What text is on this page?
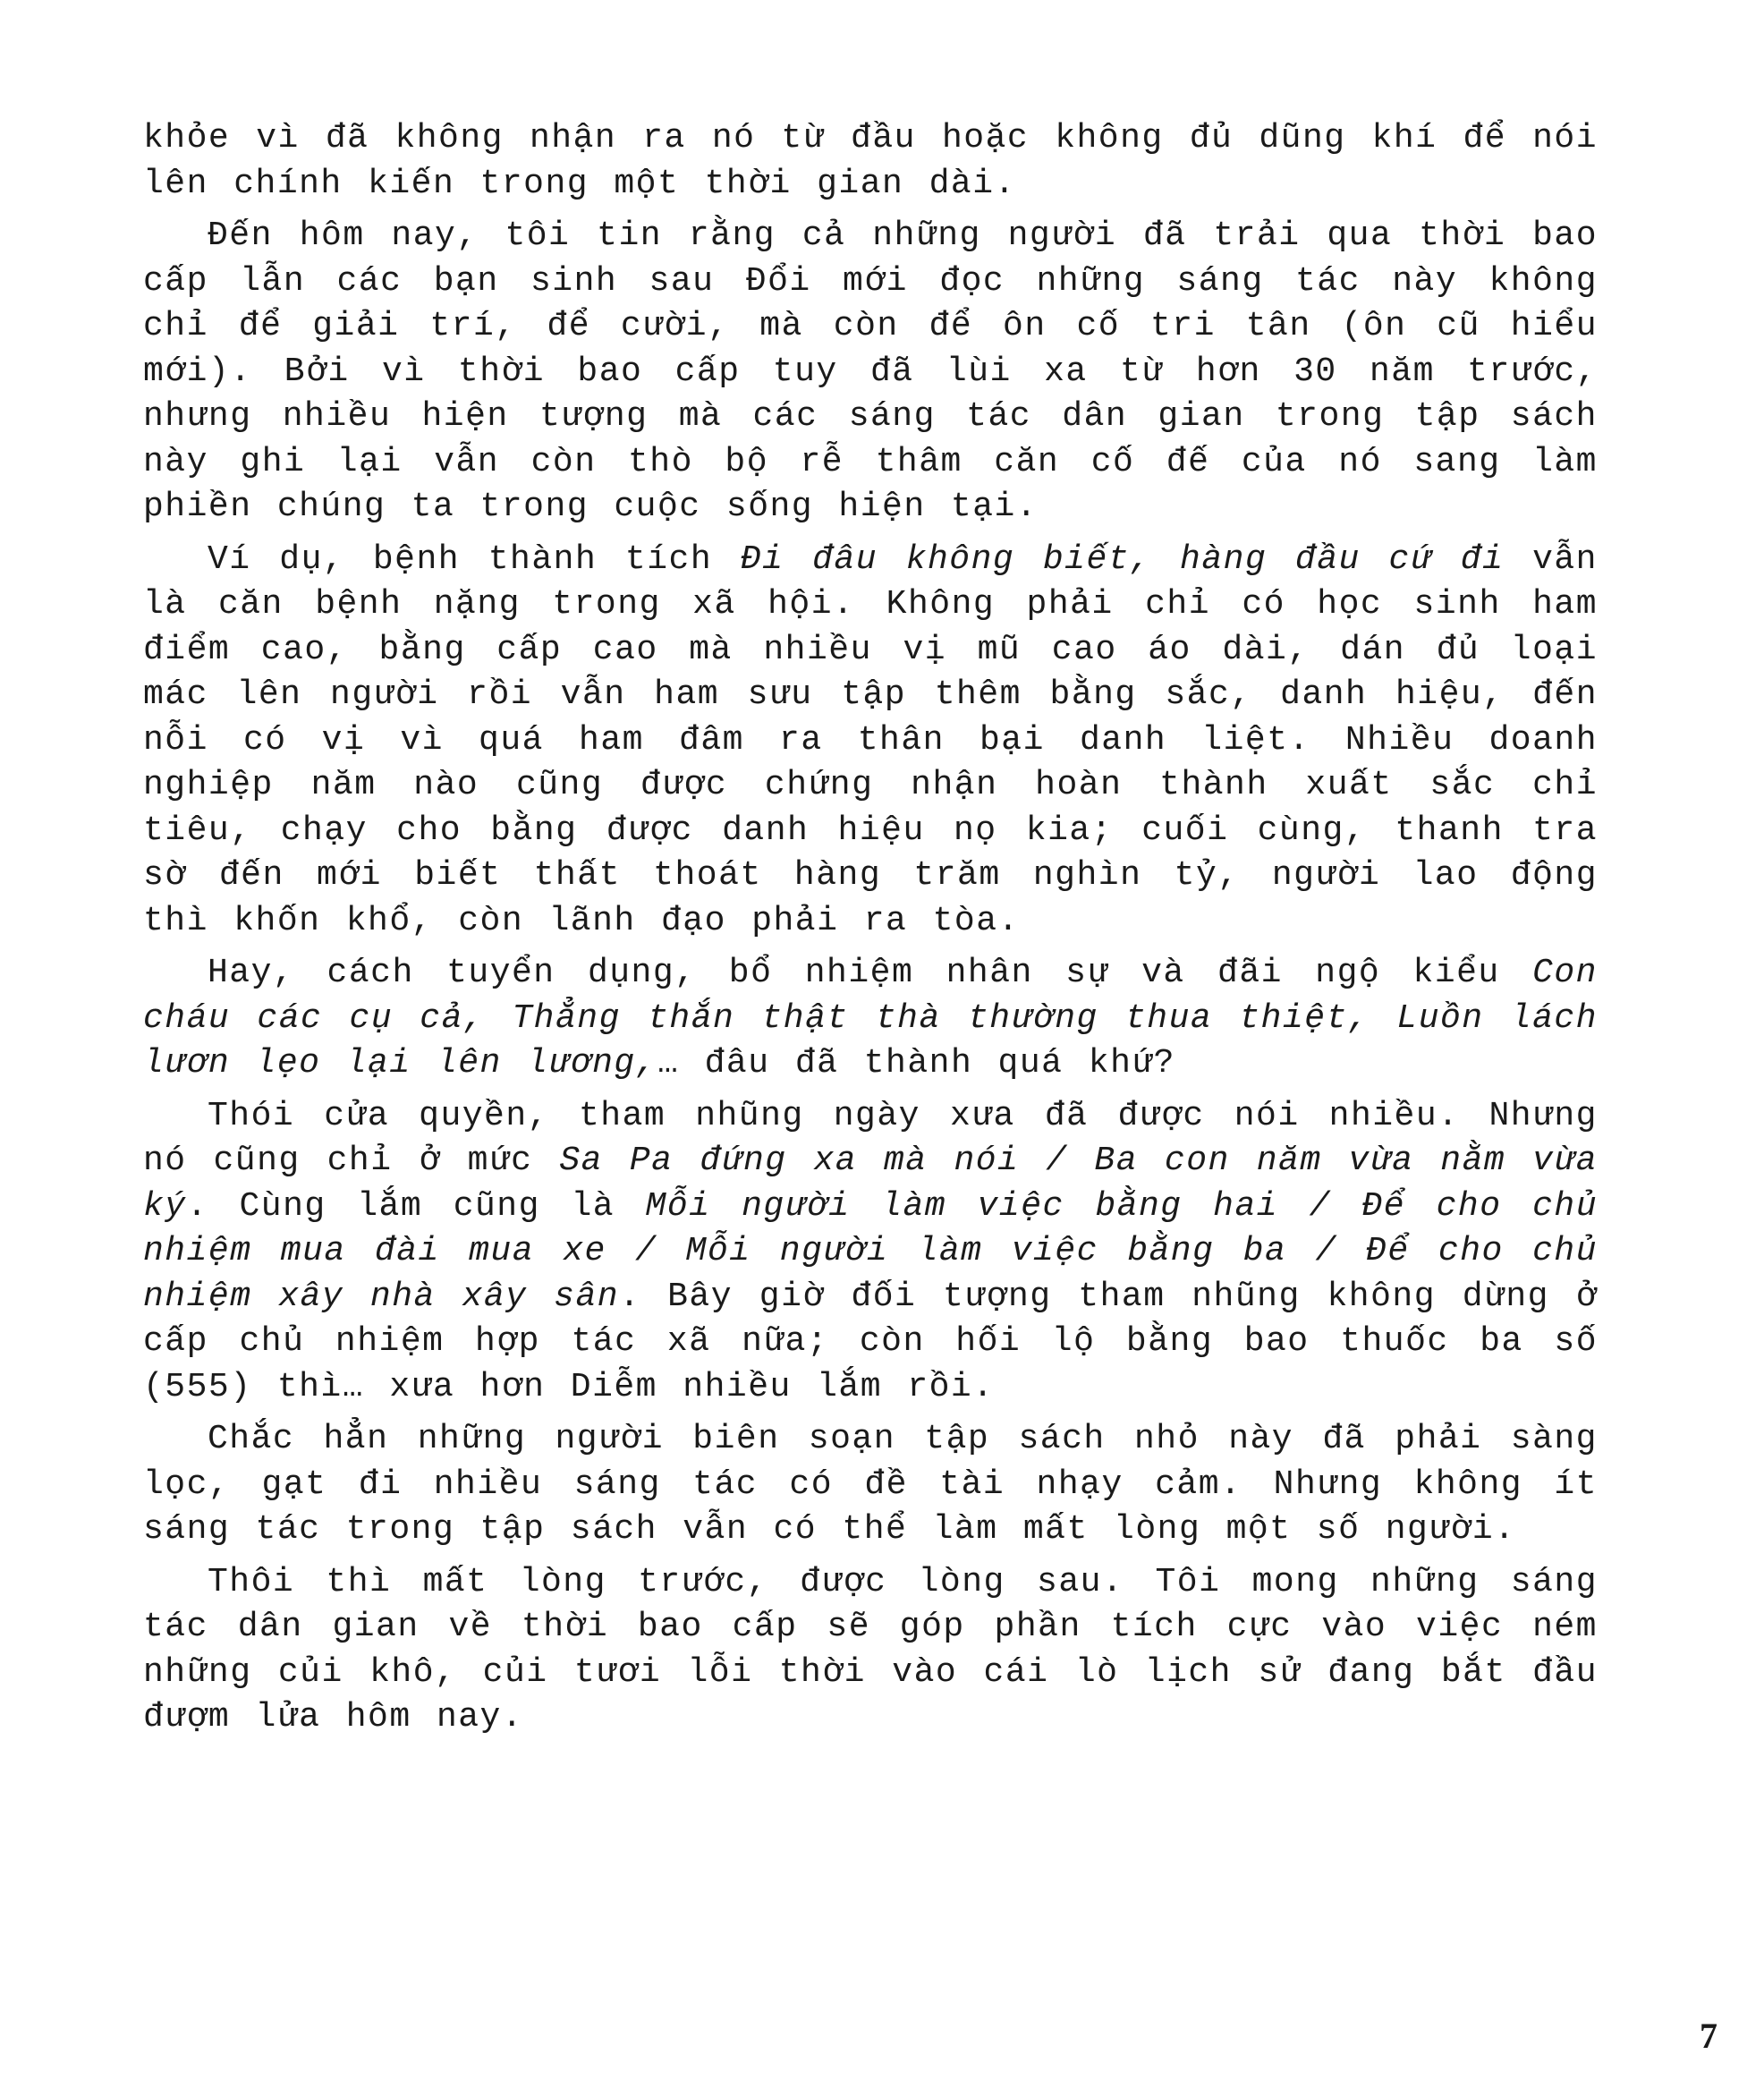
khỏe vì đã không nhận ra nó từ đầu hoặc không đủ dũng khí để nói lên chính kiến trong một thời gian dài.

Đến hôm nay, tôi tin rằng cả những người đã trải qua thời bao cấp lẫn các bạn sinh sau Đổi mới đọc những sáng tác này không chỉ để giải trí, để cười, mà còn để ôn cố tri tân (ôn cũ hiểu mới). Bởi vì thời bao cấp tuy đã lùi xa từ hơn 30 năm trước, nhưng nhiều hiện tượng mà các sáng tác dân gian trong tập sách này ghi lại vẫn còn thò bộ rễ thâm căn cố đế của nó sang làm phiền chúng ta trong cuộc sống hiện tại.

Ví dụ, bệnh thành tích Đi đâu không biết, hàng đầu cứ đi vẫn là căn bệnh nặng trong xã hội. Không phải chỉ có học sinh ham điểm cao, bằng cấp cao mà nhiều vị mũ cao áo dài, dán đủ loại mác lên người rồi vẫn ham sưu tập thêm bằng sắc, danh hiệu, đến nỗi có vị vì quá ham đâm ra thân bại danh liệt. Nhiều doanh nghiệp năm nào cũng được chứng nhận hoàn thành xuất sắc chỉ tiêu, chạy cho bằng được danh hiệu nọ kia; cuối cùng, thanh tra sờ đến mới biết thất thoát hàng trăm nghìn tỷ, người lao động thì khốn khổ, còn lãnh đạo phải ra tòa.

Hay, cách tuyển dụng, bổ nhiệm nhân sự và đãi ngộ kiểu Con cháu các cụ cả, Thẳng thắn thật thà thường thua thiệt, Luồn lách lươn lẹo lại lên lương,… đâu đã thành quá khứ?

Thói cửa quyền, tham nhũng ngày xưa đã được nói nhiều. Nhưng nó cũng chỉ ở mức Sa Pa đứng xa mà nói / Ba con năm vừa nằm vừa ký. Cùng lắm cũng là Mỗi người làm việc bằng hai / Để cho chủ nhiệm mua đài mua xe / Mỗi người làm việc bằng ba / Để cho chủ nhiệm xây nhà xây sân. Bây giờ đối tượng tham nhũng không dừng ở cấp chủ nhiệm hợp tác xã nữa; còn hối lộ bằng bao thuốc ba số (555) thì… xưa hơn Diễm nhiều lắm rồi.

Chắc hẳn những người biên soạn tập sách nhỏ này đã phải sàng lọc, gạt đi nhiều sáng tác có đề tài nhạy cảm. Nhưng không ít sáng tác trong tập sách vẫn có thể làm mất lòng một số người.

Thôi thì mất lòng trước, được lòng sau. Tôi mong những sáng tác dân gian về thời bao cấp sẽ góp phần tích cực vào việc ném những củi khô, củi tươi lỗi thời vào cái lò lịch sử đang bắt đầu đượm lửa hôm nay.

7
